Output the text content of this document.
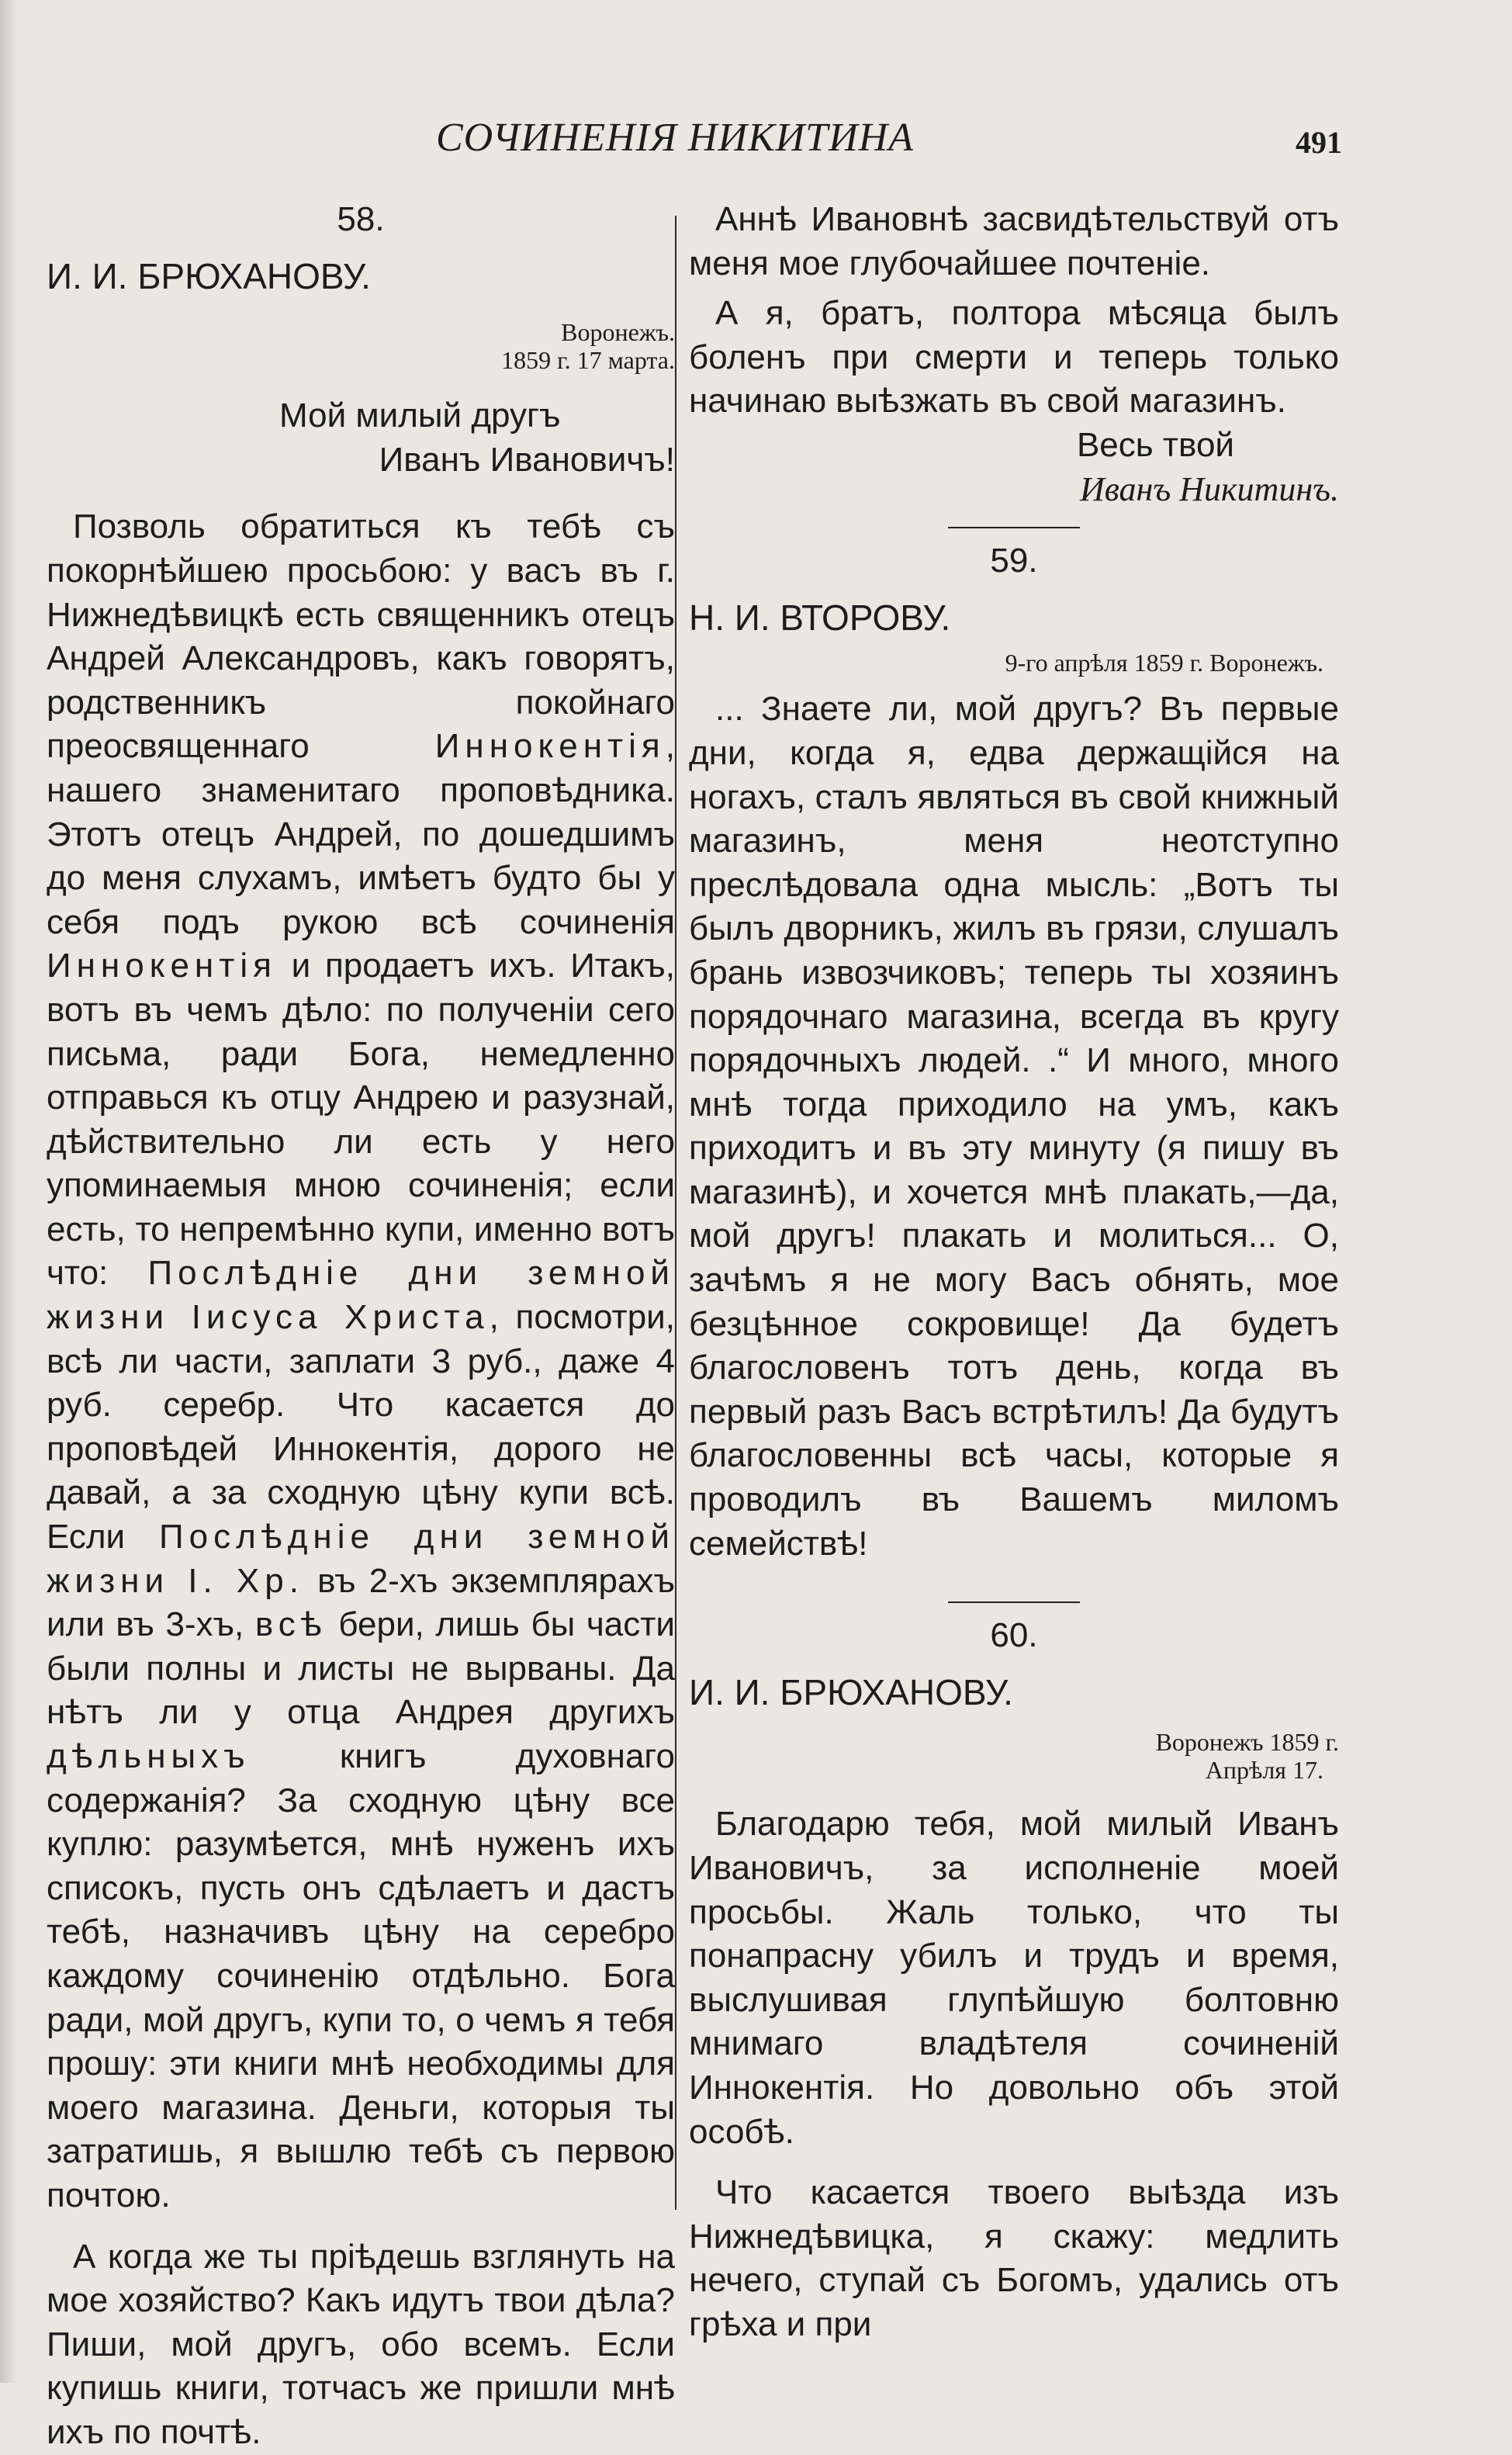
СОЧИНЕНІЯ НИКИТИНА	491

58.

И. И. БРЮХАНОВУ.

Воронежъ.

1859 г. 17 марта.

Мой милый другъ

Иванъ Ивановичъ!

Позволь обратиться къ тебѣ съ покорнѣйшею просьбою: у васъ въ г. Нижнедѣвицкѣ есть священникъ отецъ Андрей Александровъ, какъ говорятъ, родственникъ покойнаго преосвященнаго Иннокентія, нашего знаменитаго проповѣдника. Этотъ отецъ Андрей, по дошедшимъ до меня слухамъ, имѣетъ будто бы у себя подъ рукою всѣ сочиненія Иннокентія и продаетъ ихъ. Итакъ, вотъ въ чемъ дѣло: по полученіи сего письма, ради Бога, немедленно отправься къ отцу Андрею и разузнай, дѣйствительно ли есть у него упоминаемыя мною сочиненія; если есть, то непремѣнно купи, именно вотъ что: Послѣдніе дни земной жизни Іисуса Христа, посмотри, всѣ ли части, заплати 3 руб., даже 4 руб. серебр. Что касается до проповѣдей Иннокентія, дорого не давай, а за сходную цѣну купи всѣ. Если Послѣдніе дни земной жизни І. Хр. въ 2-хъ экземплярахъ или въ 3-хъ, всѣ бери, лишь бы части были полны и листы не вырваны. Да нѣтъ ли у отца Андрея другихъ дѣльныхъ книгъ духовнаго содержанія? За сходную цѣну все куплю: разумѣется, мнѣ нуженъ ихъ списокъ, пусть онъ сдѣлаетъ и дастъ тебѣ, назначивъ цѣну на серебро каждому сочиненію отдѣльно. Бога ради, мой другъ, купи то, о чемъ я тебя прошу: эти книги мнѣ необходимы для моего магазина. Деньги, которыя ты затратишь, я вышлю тебѣ съ первою почтою.

А когда же ты пріѣдешь взглянуть на мое хозяйство? Какъ идутъ твои дѣла? Пиши, мой другъ, обо всемъ. Если купишь книги, тотчасъ же пришли мнѣ ихъ по почтѣ.

Аннѣ Ивановнѣ засвидѣтельствуй отъ меня мое глубочайшее почтеніе.

А я, братъ, полтора мѣсяца былъ боленъ при смерти и теперь только начинаю выѣзжать въ свой магазинъ.

Весь твой

Иванъ Никитинъ.

59.

Н. И. ВТОРОВУ.

9-го апрѣля 1859 г. Воронежъ.

... Знаете ли, мой другъ? Въ первые дни, когда я, едва держащійся на ногахъ, сталъ являться въ свой книжный магазинъ, меня неотступно преслѣдовала одна мысль: „Вотъ ты былъ дворникъ, жилъ въ грязи, слушалъ брань извозчиковъ; теперь ты хозяинъ порядочнаго магазина, всегда въ кругу порядочныхъ людей. .“ И много, много мнѣ тогда приходило на умъ, какъ приходитъ и въ эту минуту (я пишу въ магазинѣ), и хочется мнѣ плакать,—да, мой другъ! плакать и молиться... О, зачѣмъ я не могу Васъ обнять, мое безцѣнное сокровище! Да будетъ благословенъ тотъ день, когда въ первый разъ Васъ встрѣтилъ! Да будутъ благословенны всѣ часы, которые я проводилъ въ Вашемъ миломъ семействѣ!

60.

И. И. БРЮХАНОВУ.

Воронежъ 1859 г.

Апрѣля 17.

Благодарю тебя, мой милый Иванъ Ивановичъ, за исполненіе моей просьбы. Жаль только, что ты понапрасну убилъ и трудъ и время, выслушивая глупѣйшую болтовню мнимаго владѣтеля сочиненій Иннокентія. Но довольно объ этой особѣ.

Что касается твоего выѣзда изъ Нижнедѣвицка, я скажу: медлить нечего, ступай съ Богомъ, удались отъ грѣха и при
